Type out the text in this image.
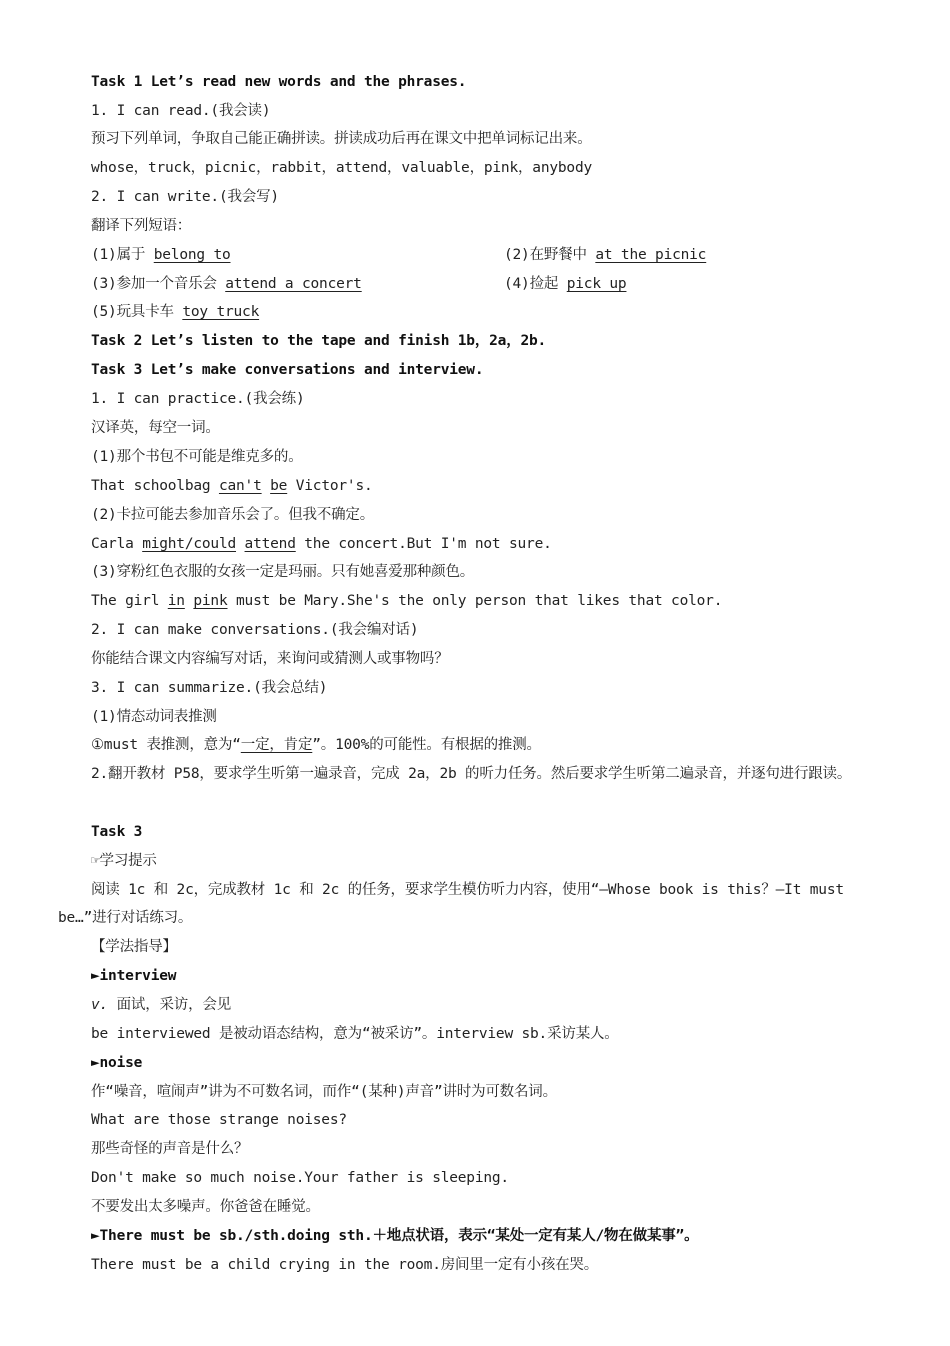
Task 1 Let’s read new words and the phrases.
1. I can read.(我会读)
预习下列单词，争取自己能正确拼读。拼读成功后再在课文中把单词标记出来。
whose，truck，picnic，rabbit，attend，valuable，pink，anybody
2. I can write.(我会写)
翻译下列短语：
(1)属于 belong to	(2)在野餐中 at the picnic
(3)参加一个音乐会 attend a concert	(4)捡起 pick up
(5)玩具卡车 toy truck
Task 2 Let’s listen to the tape and finish 1b，2a，2b.
Task 3 Let’s make conversations and interview.
1. I can practice.(我会练)
汉译英，每空一词。
(1)那个书包不可能是维克多的。
That schoolbag can't be Victor's.
(2)卡拉可能去参加音乐会了。但我不确定。
Carla might/could attend the concert.But I'm not sure.
(3)穿粉红色衣服的女孩一定是玛丽。只有她喜爱那种颜色。
The girl in pink must be Mary.She's the only person that likes that color.
2. I can make conversations.(我会编对话)
你能结合课文内容编写对话，来询问或猜测人或事物吗？
3. I can summarize.(我会总结)
(1)情态动词表推测
①must 表推测，意为“一定，肯定”。100%的可能性。有根据的推测。
2.翻开教材 P58，要求学生听第一遍录音，完成 2a，2b 的听力任务。然后要求学生听第二遍录音，并逐句进行跟读。
Task 3
☞学习提示
阅读 1c 和 2c，完成教材 1c 和 2c 的任务，要求学生模仿听力内容，使用“—Whose book is this？—It must be…”进行对话练习。
【学法指导】
►interview
v. 面试，采访，会见
be interviewed 是被动语态结构，意为“被采访”。interview sb.采访某人。
►noise
作“噪音，喧闹声”讲为不可数名词，而作“(某种)声音”讲时为可数名词。
What are those strange noises?
那些奇怪的声音是什么？
Don't make so much noise.Your father is sleeping.
不要发出太多噪声。你爸爸在睡觉。
►There must be sb./sth.doing sth.＋地点状语，表示“某处一定有某人/物在做某事”。
There must be a child crying in the room.房间里一定有小孩在哭。
